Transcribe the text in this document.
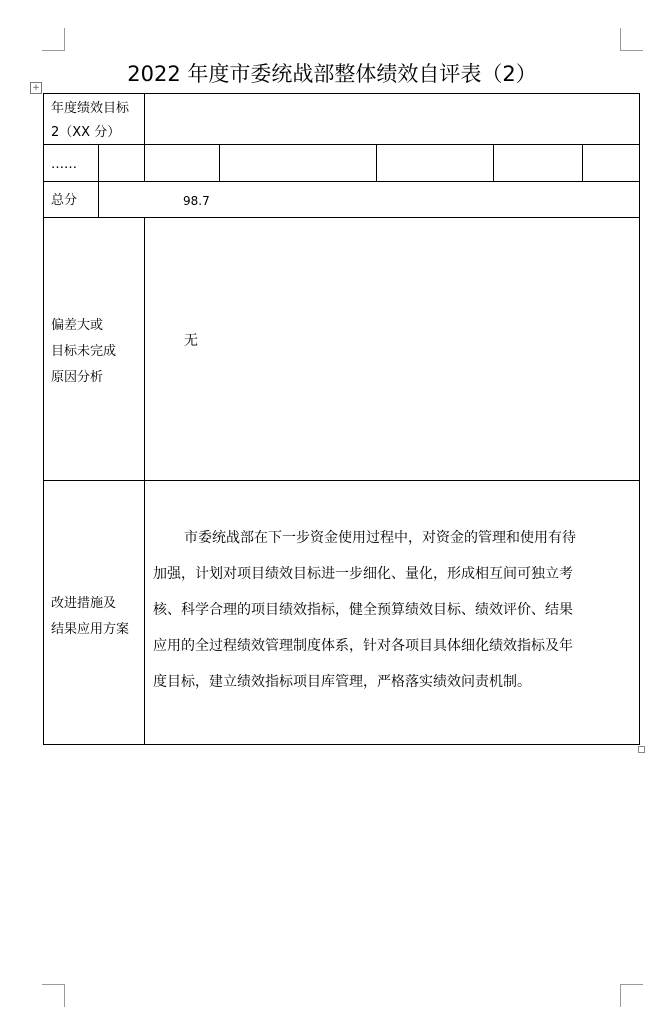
2022 年度市委统战部整体绩效自评表（2）
+
年度绩效目标
2（XX 分）
……
总分	98.7
偏差大或
目标未完成
原因分析
无
改进措施及
结果应用方案
市委统战部在下一步资金使用过程中，对资金的管理和使用有待
加强，计划对项目绩效目标进一步细化、量化，形成相互间可独立考
核、科学合理的项目绩效指标，健全预算绩效目标、绩效评价、结果
应用的全过程绩效管理制度体系，针对各项目具体细化绩效指标及年
度目标，建立绩效指标项目库管理，严格落实绩效问责机制。
